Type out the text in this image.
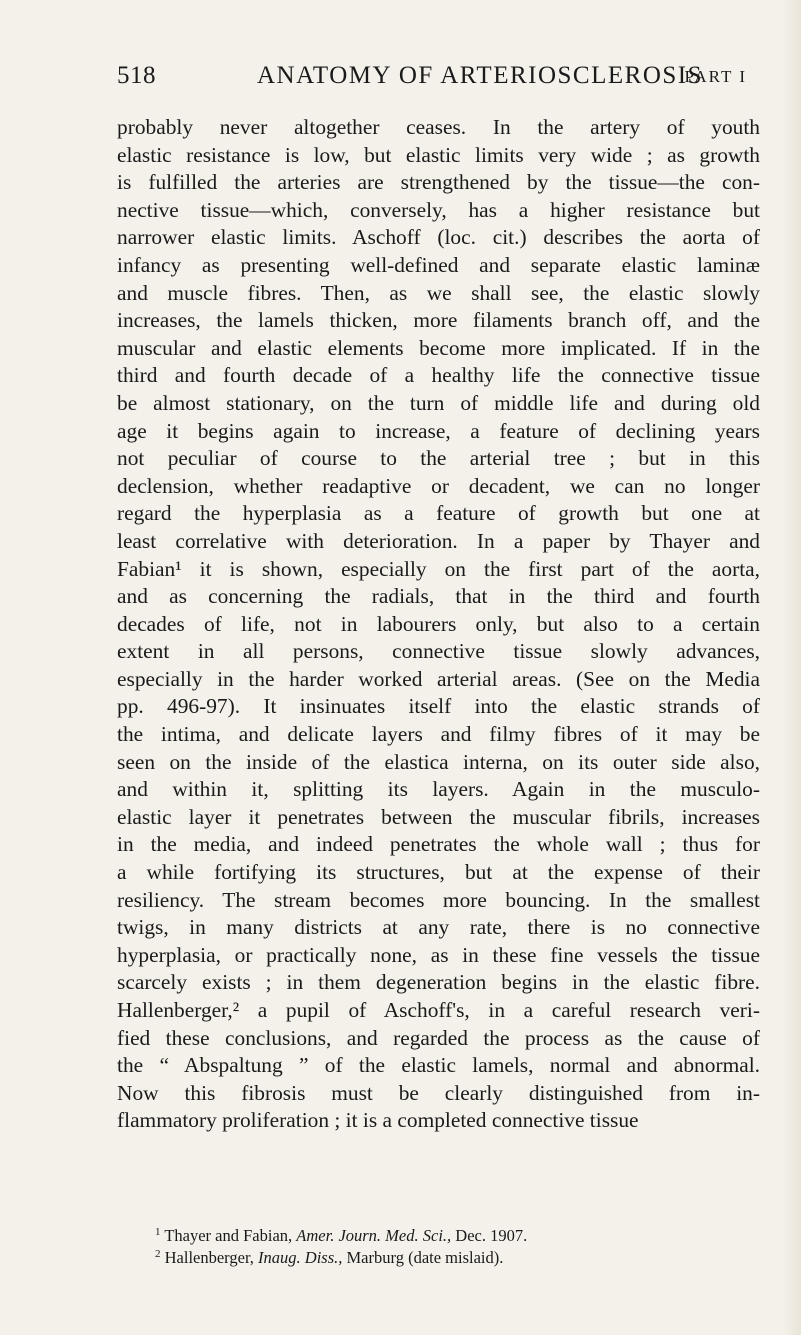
518	ANATOMY OF ARTERIOSCLEROSIS
PART I
probably never altogether ceases. In the artery of youth
elastic resistance is low, but elastic limits very wide ; as growth
is fulfilled the arteries are strengthened by the tissue—the con-
nective tissue—which, conversely, has a higher resistance but
narrower elastic limits. Aschoff (loc. cit.) describes the aorta of
infancy as presenting well-defined and separate elastic laminæ
and muscle fibres. Then, as we shall see, the elastic slowly
increases, the lamels thicken, more filaments branch off, and the
muscular and elastic elements become more implicated. If in the
third and fourth decade of a healthy life the connective tissue
be almost stationary, on the turn of middle life and during old
age it begins again to increase, a feature of declining years
not peculiar of course to the arterial tree ; but in this
declension, whether readaptive or decadent, we can no longer
regard the hyperplasia as a feature of growth but one at
least correlative with deterioration. In a paper by Thayer and
Fabian¹ it is shown, especially on the first part of the aorta,
and as concerning the radials, that in the third and fourth
decades of life, not in labourers only, but also to a certain
extent in all persons, connective tissue slowly advances,
especially in the harder worked arterial areas. (See on the Media
pp. 496-97). It insinuates itself into the elastic strands of
the intima, and delicate layers and filmy fibres of it may be
seen on the inside of the elastica interna, on its outer side also,
and within it, splitting its layers. Again in the musculo-
elastic layer it penetrates between the muscular fibrils, increases
in the media, and indeed penetrates the whole wall ; thus for
a while fortifying its structures, but at the expense of their
resiliency. The stream becomes more bouncing. In the smallest
twigs, in many districts at any rate, there is no connective
hyperplasia, or practically none, as in these fine vessels the tissue
scarcely exists ; in them degeneration begins in the elastic fibre.
Hallenberger,² a pupil of Aschoff's, in a careful research veri-
fied these conclusions, and regarded the process as the cause of
the “ Abspaltung ” of the elastic lamels, normal and abnormal.
Now this fibrosis must be clearly distinguished from in-
flammatory proliferation ; it is a completed connective tissue
$^1$ Thayer and Fabian, Amer. Journ. Med. Sci., Dec. 1907.
$^2$ Hallenberger, Inaug. Diss., Marburg (date mislaid).
